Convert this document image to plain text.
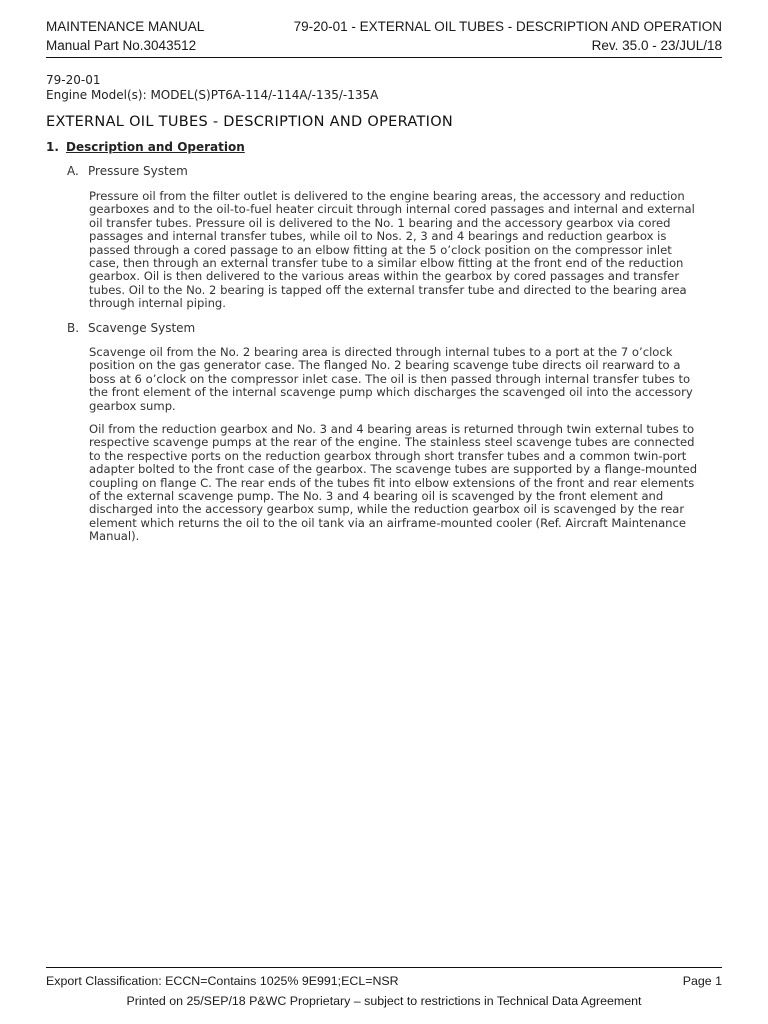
MAINTENANCE MANUAL	79-20-01 - EXTERNAL OIL TUBES - DESCRIPTION AND OPERATION
Manual Part No.3043512	Rev. 35.0 - 23/JUL/18
79-20-01
Engine Model(s): MODEL(S)PT6A-114/-114A/-135/-135A
EXTERNAL OIL TUBES - DESCRIPTION AND OPERATION
1. Description and Operation
A. Pressure System

Pressure oil from the filter outlet is delivered to the engine bearing areas, the accessory and reduction gearboxes and to the oil-to-fuel heater circuit through internal cored passages and internal and external oil transfer tubes. Pressure oil is delivered to the No. 1 bearing and the accessory gearbox via cored passages and internal transfer tubes, while oil to Nos. 2, 3 and 4 bearings and reduction gearbox is passed through a cored passage to an elbow fitting at the 5 o’clock position on the compressor inlet case, then through an external transfer tube to a similar elbow fitting at the front end of the reduction gearbox. Oil is then delivered to the various areas within the gearbox by cored passages and transfer tubes. Oil to the No. 2 bearing is tapped off the external transfer tube and directed to the bearing area through internal piping.

B. Scavenge System

Scavenge oil from the No. 2 bearing area is directed through internal tubes to a port at the 7 o’clock position on the gas generator case. The flanged No. 2 bearing scavenge tube directs oil rearward to a boss at 6 o’clock on the compressor inlet case. The oil is then passed through internal transfer tubes to the front element of the internal scavenge pump which discharges the scavenged oil into the accessory gearbox sump.

Oil from the reduction gearbox and No. 3 and 4 bearing areas is returned through twin external tubes to respective scavenge pumps at the rear of the engine. The stainless steel scavenge tubes are connected to the respective ports on the reduction gearbox through short transfer tubes and a common twin-port adapter bolted to the front case of the gearbox. The scavenge tubes are supported by a flange-mounted coupling on flange C. The rear ends of the tubes fit into elbow extensions of the front and rear elements of the external scavenge pump. The No. 3 and 4 bearing oil is scavenged by the front element and discharged into the accessory gearbox sump, while the reduction gearbox oil is scavenged by the rear element which returns the oil to the oil tank via an airframe-mounted cooler (Ref. Aircraft Maintenance Manual).

Export Classification: ECCN=Contains 1025% 9E991;ECL=NSR	Page 1
Printed on 25/SEP/18 P&WC Proprietary – subject to restrictions in Technical Data Agreement
